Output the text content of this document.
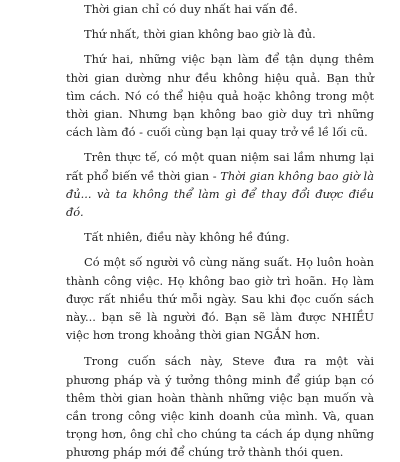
Thời gian chỉ có duy nhất hai vấn đề.

Thứ nhất, thời gian không bao giờ là đủ.

Thứ hai, những việc bạn làm để tận dụng thêm thời gian dường như đều không hiệu quả. Bạn thử tìm cách. Nó có thể hiệu quả hoặc không trong một thời gian. Nhưng bạn không bao giờ duy trì những cách làm đó - cuối cùng bạn lại quay trở về lề lối cũ.

Trên thực tế, có một quan niệm sai lầm nhưng lại rất phổ biến về thời gian - Thời gian không bao giờ là đủ... và ta không thể làm gì để thay đổi được điều đó.

Tất nhiên, điều này không hề đúng.

Có một số người vô cùng năng suất. Họ luôn hoàn thành công việc. Họ không bao giờ trì hoãn. Họ làm được rất nhiều thứ mỗi ngày. Sau khi đọc cuốn sách này... bạn sẽ là người đó. Bạn sẽ làm được NHIỀU việc hơn trong khoảng thời gian NGẮN hơn.

Trong cuốn sách này, Steve đưa ra một vài phương pháp và ý tưởng thông minh để giúp bạn có thêm thời gian hoàn thành những việc bạn muốn và cần trong công việc kinh doanh của mình. Và, quan trọng hơn, ông chỉ cho chúng ta cách áp dụng những phương pháp mới để chúng trở thành thói quen.
